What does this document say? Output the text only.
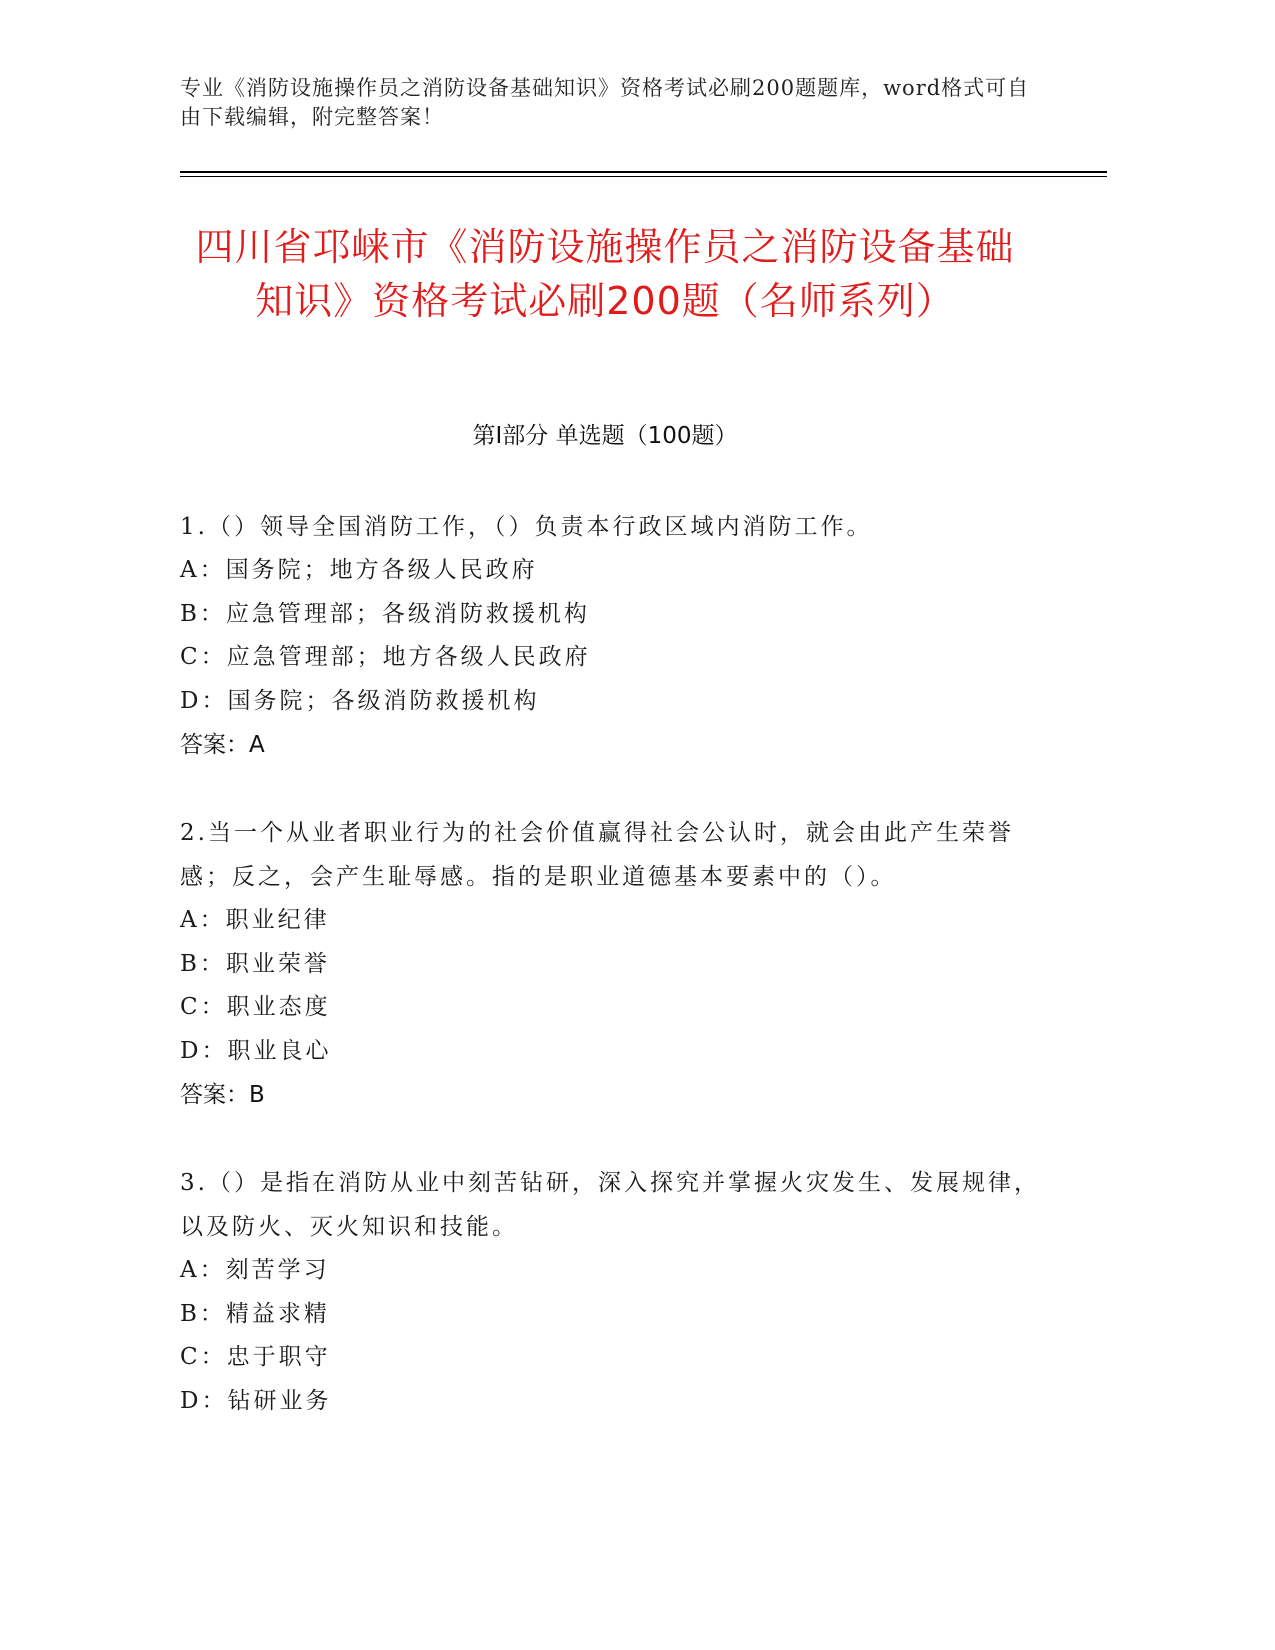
专业《消防设施操作员之消防设备基础知识》资格考试必刷200题题库，word格式可自由下载编辑，附完整答案！
四川省邛崃市《消防设施操作员之消防设备基础知识》资格考试必刷200题（名师系列）
第Ⅰ部分 单选题（100题）
1.（）领导全国消防工作，（）负责本行政区域内消防工作。
A：国务院；地方各级人民政府
B：应急管理部；各级消防救援机构
C：应急管理部；地方各级人民政府
D：国务院；各级消防救援机构
答案：A
2.当一个从业者职业行为的社会价值赢得社会公认时，就会由此产生荣誉感；反之，会产生耻辱感。指的是职业道德基本要素中的（）。
A：职业纪律
B：职业荣誉
C：职业态度
D：职业良心
答案：B
3.（）是指在消防从业中刻苦钻研，深入探究并掌握火灾发生、发展规律，以及防火、灭火知识和技能。
A：刻苦学习
B：精益求精
C：忠于职守
D：钻研业务
